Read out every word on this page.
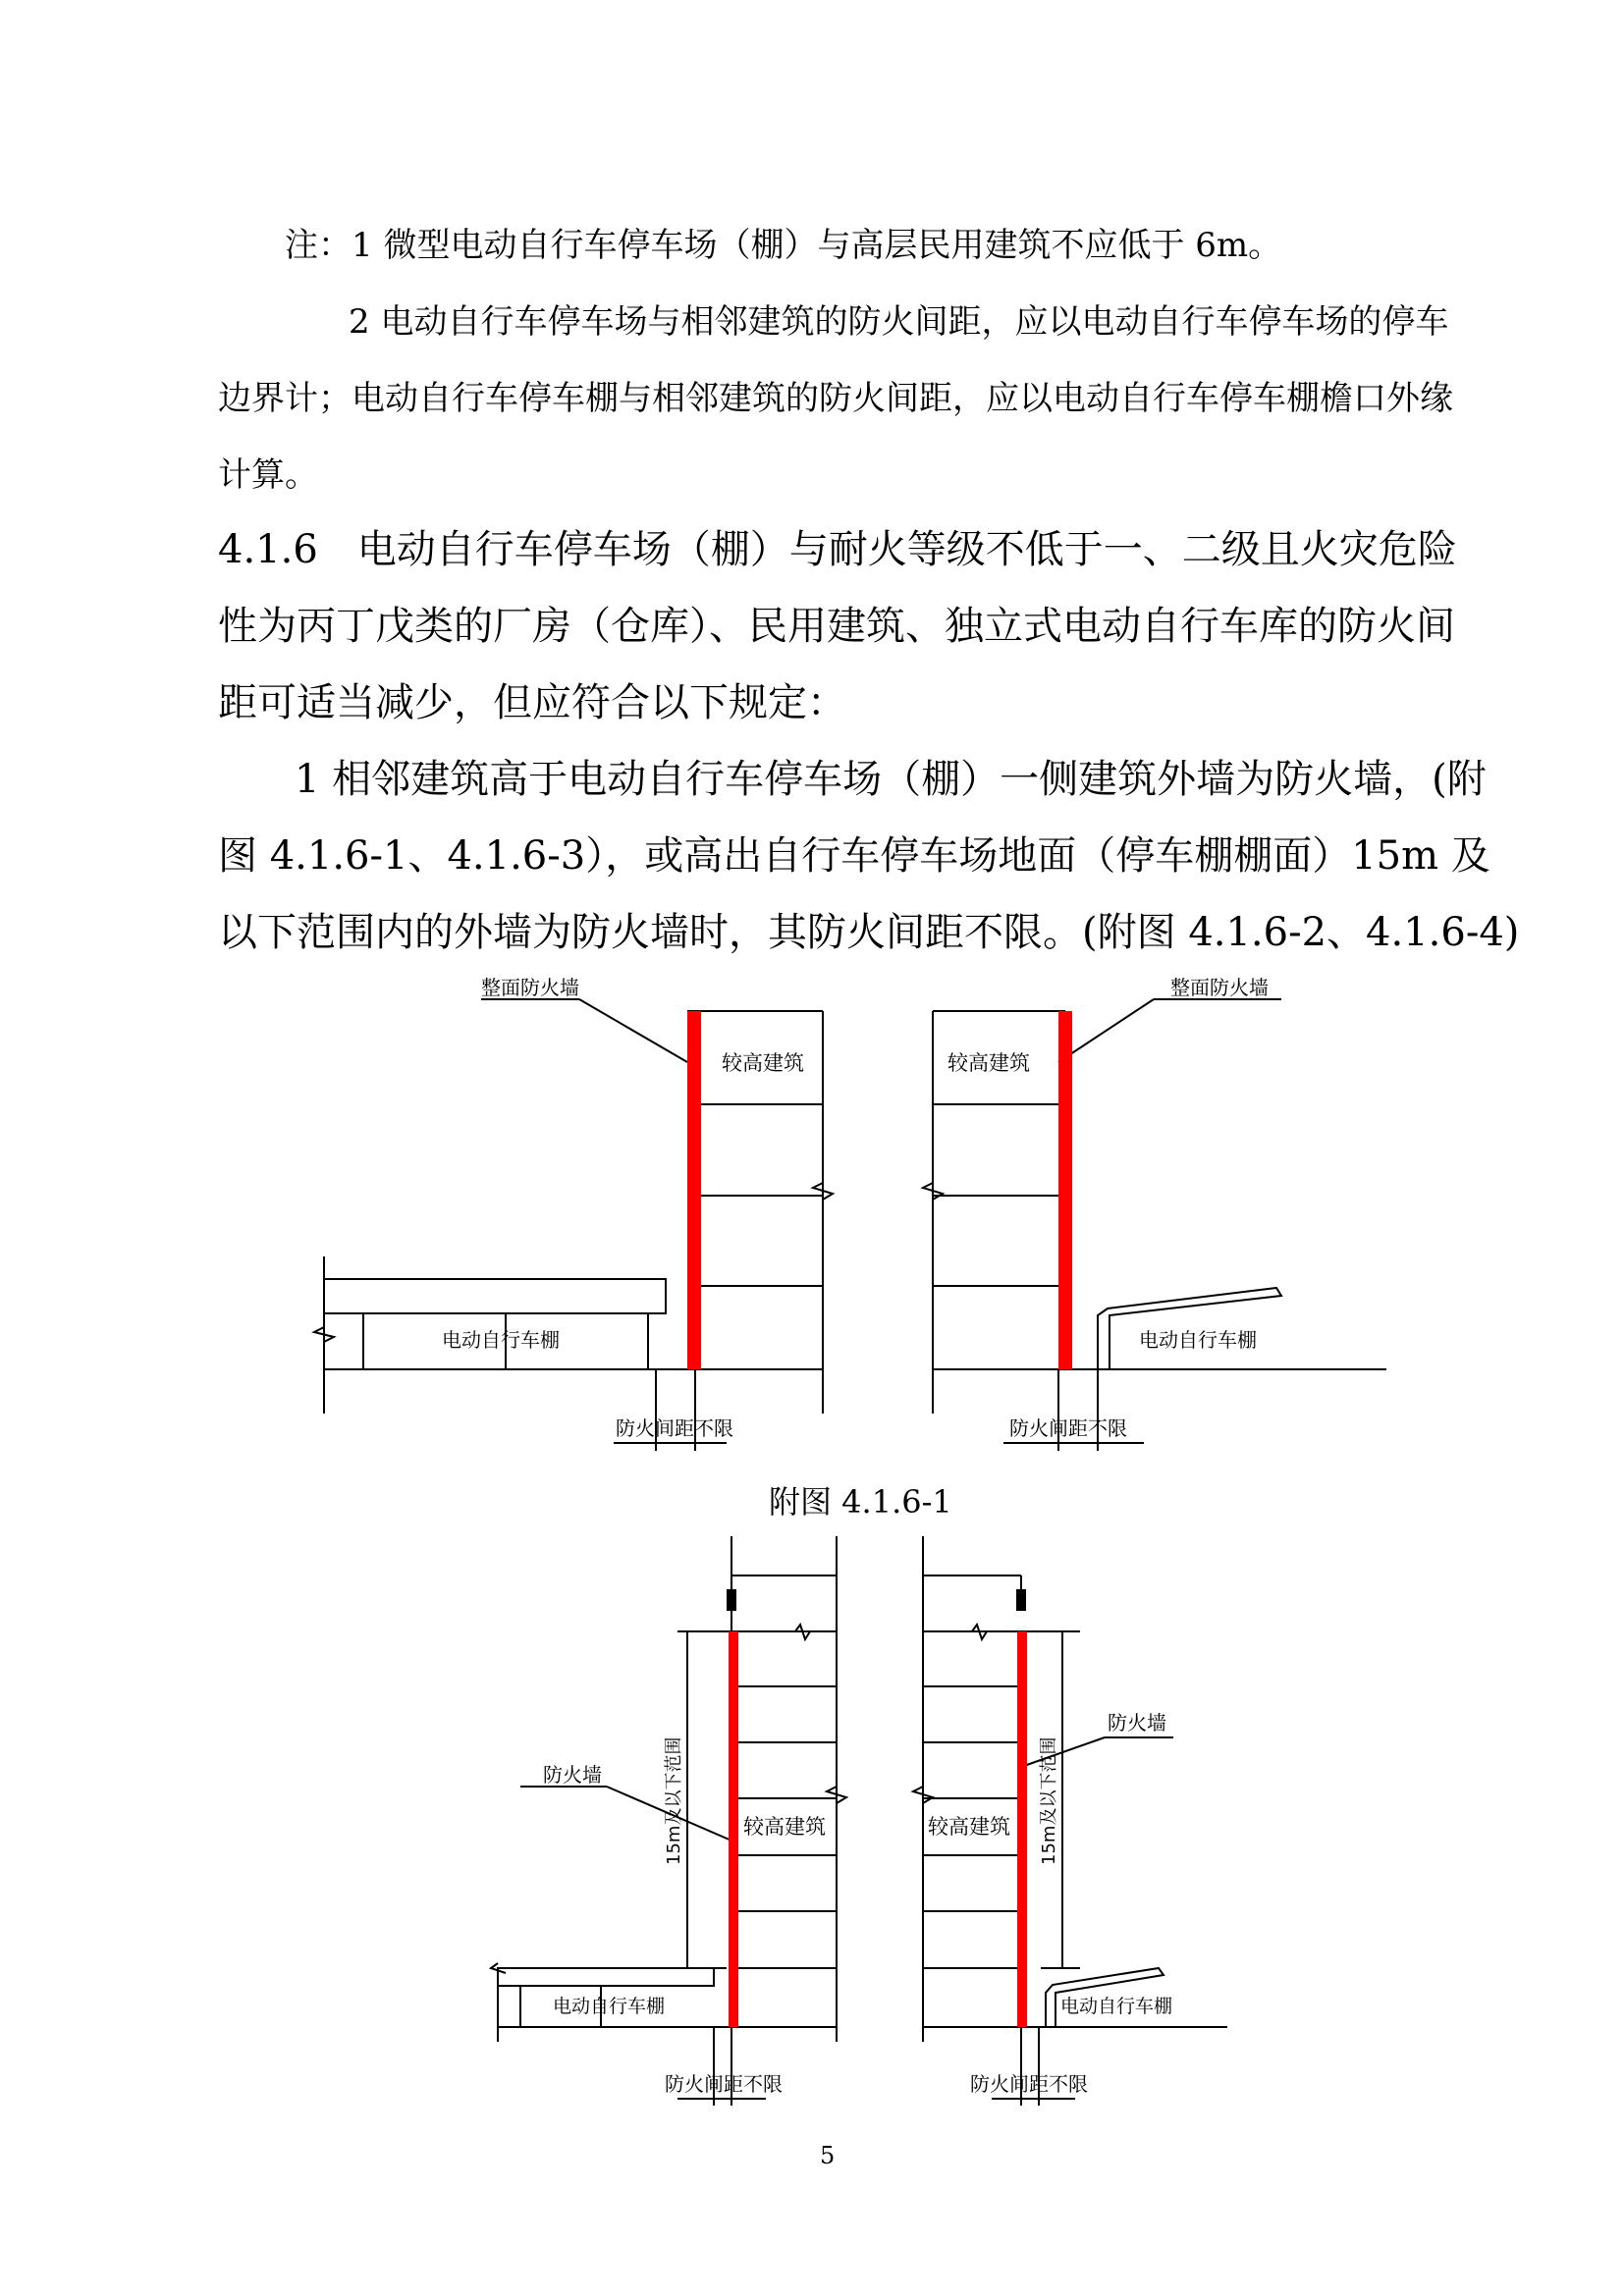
注：1 微型电动自行车停车场（棚）与高层民用建筑不应低于 6m。
2 电动自行车停车场与相邻建筑的防火间距，应以电动自行车停车场的停车
边界计；电动自行车停车棚与相邻建筑的防火间距，应以电动自行车停车棚檐口外缘
计算。
4.1.6　电动自行车停车场（棚）与耐火等级不低于一、二级且火灾危险
性为丙丁戊类的厂房（仓库）、民用建筑、独立式电动自行车库的防火间
距可适当减少，但应符合以下规定：
1 相邻建筑高于电动自行车停车场（棚）一侧建筑外墙为防火墙，(附
图 4.1.6-1、4.1.6-3），或高出自行车停车场地面（停车棚棚面）15m 及
以下范围内的外墙为防火墙时，其防火间距不限。(附图 4.1.6-2、4.1.6-4)
整面防火墙
较高建筑
电动自行车棚
防火间距不限
整面防火墙
较高建筑
电动自行车棚
防火间距不限
防火墙
较高建筑
15m及以下范围
电动自行车棚
防火间距不限
防火墙
较高建筑 15m及以下范围
电动自行车棚
防火间距不限
附图 4.1.6-1
5
